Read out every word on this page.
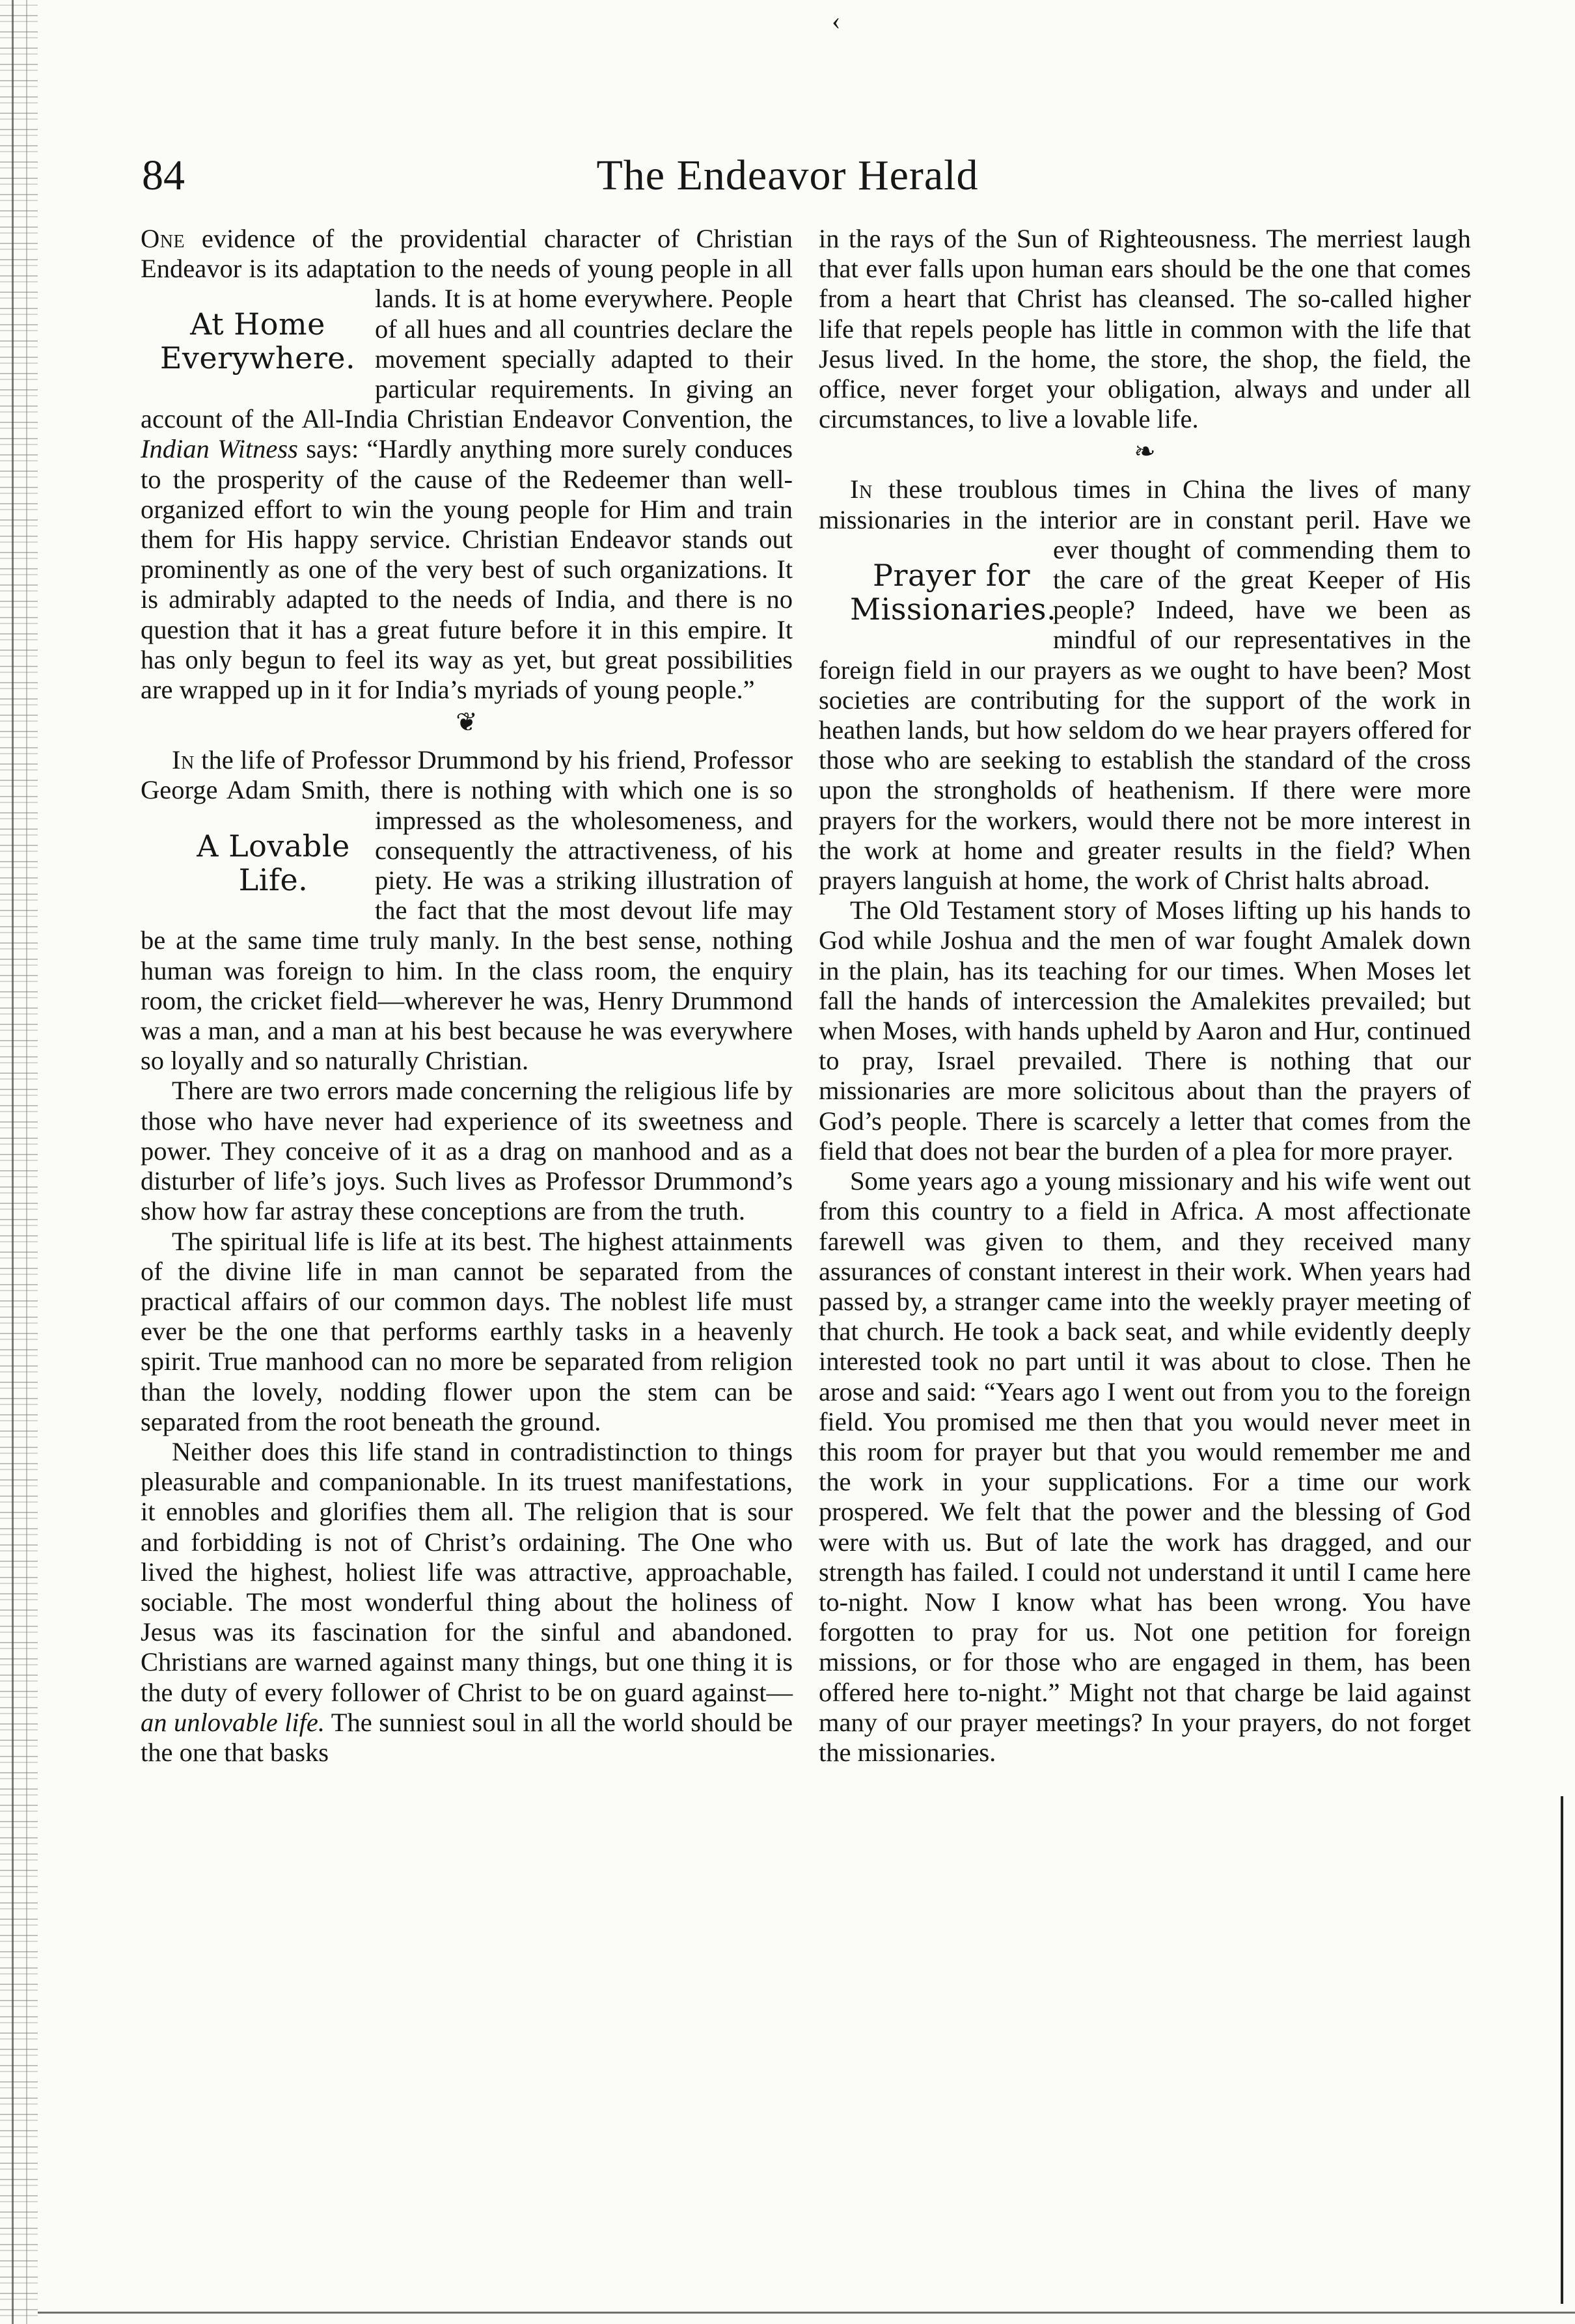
‹
84	The Endeavor Herald

One evidence of the providential character of Christian Endeavor is its adaptation to the needs of young people in all
At Home
Everywhere.
lands. It is at home everywhere. People of all hues and all countries declare the movement specially adapted to their particular requirements. In giving an account of the All-India Christian Endeavor Convention, the Indian Witness says: “Hardly anything more surely conduces to the prosperity of the cause of the Redeemer than well-organized effort to win the young people for Him and train them for His happy service. Christian Endeavor stands out prominently as one of the very best of such organizations. It is admirably adapted to the needs of India, and there is no question that it has a great future before it in this empire. It has only begun to feel its way as yet, but great possibilities are wrapped up in it for India’s myriads of young people.”

❦

In the life of Professor Drummond by his friend, Professor George Adam Smith, there is nothing with which one is so impressed as
A Lovable
Life.
the wholesomeness, and consequently the attractiveness, of his piety. He was a striking illustration of the fact that the most devout life may be at the same time truly manly. In the best sense, nothing human was foreign to him. In the class room, the enquiry room, the cricket field—wherever he was, Henry Drummond was a man, and a man at his best because he was everywhere so loyally and so naturally Christian.

There are two errors made concerning the religious life by those who have never had experience of its sweetness and power. They conceive of it as a drag on manhood and as a disturber of life’s joys. Such lives as Professor Drummond’s show how far astray these conceptions are from the truth.

The spiritual life is life at its best. The highest attainments of the divine life in man cannot be separated from the practical affairs of our common days. The noblest life must ever be the one that performs earthly tasks in a heavenly spirit. True manhood can no more be separated from religion than the lovely, nodding flower upon the stem can be separated from the root beneath the ground.

Neither does this life stand in contradistinction to things pleasurable and companionable. In its truest manifestations, it ennobles and glorifies them all. The religion that is sour and forbidding is not of Christ’s ordaining. The One who lived the highest, holiest life was attractive, approachable, sociable. The most wonderful thing about the holiness of Jesus was its fascination for the sinful and abandoned. Christians are warned against many things, but one thing it is the duty of every follower of Christ to be on guard against—an unlovable life. The sunniest soul in all the world should be the one that basks

in the rays of the Sun of Righteousness. The merriest laugh that ever falls upon human ears should be the one that comes from a heart that Christ has cleansed. The so-called higher life that repels people has little in common with the life that Jesus lived. In the home, the store, the shop, the field, the office, never forget your obligation, always and under all circumstances, to live a lovable life.

❧

In these troublous times in China the lives of many missionaries in the interior are in constant peril. Have we
Prayer for
Missionaries.
ever thought of commending them to the care of the great Keeper of His people? Indeed, have we been as mindful of our representatives in the foreign field in our prayers as we ought to have been? Most societies are contributing for the support of the work in heathen lands, but how seldom do we hear prayers offered for those who are seeking to establish the standard of the cross upon the strongholds of heathenism. If there were more prayers for the workers, would there not be more interest in the work at home and greater results in the field? When prayers languish at home, the work of Christ halts abroad.

The Old Testament story of Moses lifting up his hands to God while Joshua and the men of war fought Amalek down in the plain, has its teaching for our times. When Moses let fall the hands of intercession the Amalekites prevailed; but when Moses, with hands upheld by Aaron and Hur, continued to pray, Israel prevailed. There is nothing that our missionaries are more solicitous about than the prayers of God’s people. There is scarcely a letter that comes from the field that does not bear the burden of a plea for more prayer.

Some years ago a young missionary and his wife went out from this country to a field in Africa. A most affectionate farewell was given to them, and they received many assurances of constant interest in their work. When years had passed by, a stranger came into the weekly prayer meeting of that church. He took a back seat, and while evidently deeply interested took no part until it was about to close. Then he arose and said: “Years ago I went out from you to the foreign field. You promised me then that you would never meet in this room for prayer but that you would remember me and the work in your supplications. For a time our work prospered. We felt that the power and the blessing of God were with us. But of late the work has dragged, and our strength has failed. I could not understand it until I came here to-night. Now I know what has been wrong. You have forgotten to pray for us. Not one petition for foreign missions, or for those who are engaged in them, has been offered here to-night.” Might not that charge be laid against many of our prayer meetings? In your prayers, do not forget the missionaries.
